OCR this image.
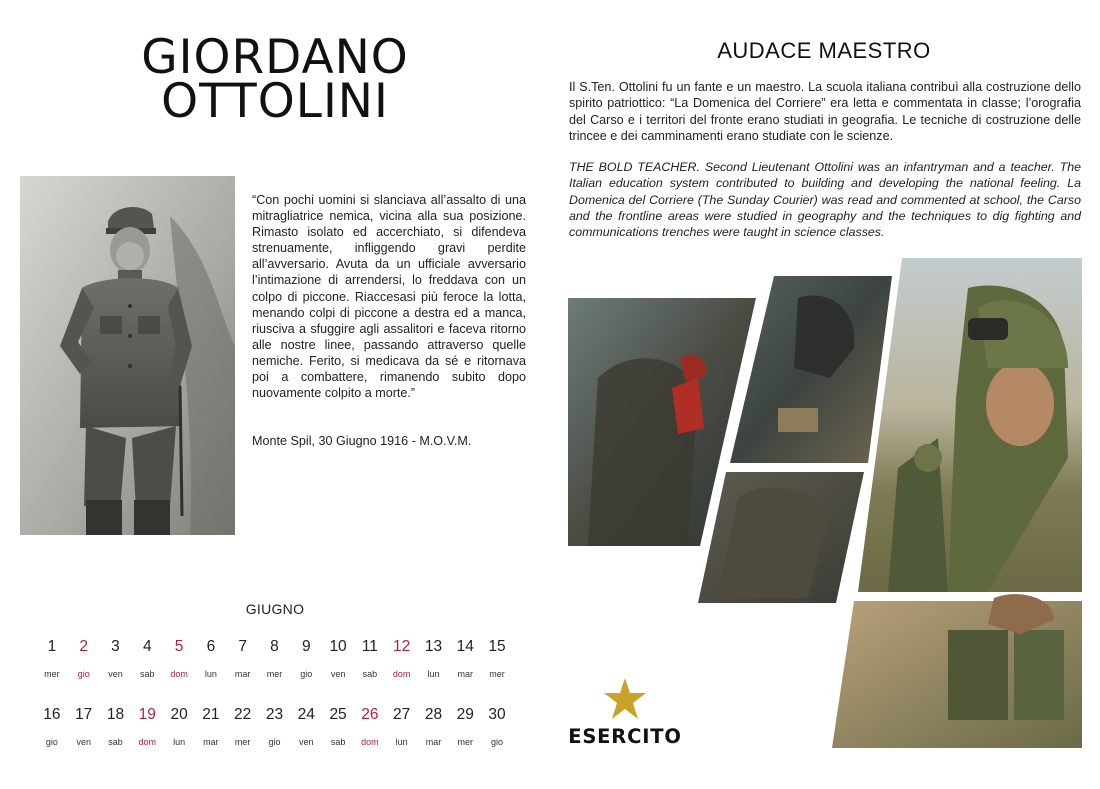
GIORDANO
OTTOLINI

“Con pochi uomini si slanciava all’assalto di una mitragliatrice nemica, vicina alla sua posizione. Rimasto isolato ed accerchiato, si difendeva strenuamente, infliggendo gravi perdite all’avversario. Avuta da un ufficiale avversario l’intimazione di arrendersi, lo freddava con un colpo di piccone. Riaccesasi più feroce la lotta, menando colpi di piccone a destra ed a manca, riusciva a sfuggire agli assalitori e faceva ritorno alle nostre linee, passando attraverso quelle nemiche. Ferito, si medicava da sé e ritornava poi a combattere, rimanendo subito dopo nuovamente colpito a morte.”

Monte Spil, 30 Giugno 1916 - M.O.V.M.
GIUGNO
1
mer
2
gio
3
ven
4
sab
5
dom
6
lun
7
mar
8
mer
9
gio
10
ven
11
sab
12
dom
13
lun
14
mar
15
mer
16
gio
17
ven
18
sab
19
dom
20
lun
21
mar
22
mer
23
gio
24
ven
25
sab
26
dom
27
lun
28
mar
29
mer
30
gio
AUDACE MAESTRO

Il S.Ten. Ottolini fu un fante e un maestro. La scuola italiana contribuì alla costruzione dello spirito patriottico: “La Domenica del Corriere” era letta e commentata in classe; l’orografia del Carso e i territori del fronte erano studiati in geografia. Le tecniche di costruzione delle trincee e dei camminamenti erano studiate con le scienze.

THE BOLD TEACHER. Second Lieutenant Ottolini was an infantryman and a teacher. The Italian education system contributed to building and developing the national feeling. La Domenica del Corriere (The Sunday Courier) was read and commented at school, the Carso and the frontline areas were studied in geography and the techniques to dig fighting and communications trenches were taught in science classes.

ESERCITO
